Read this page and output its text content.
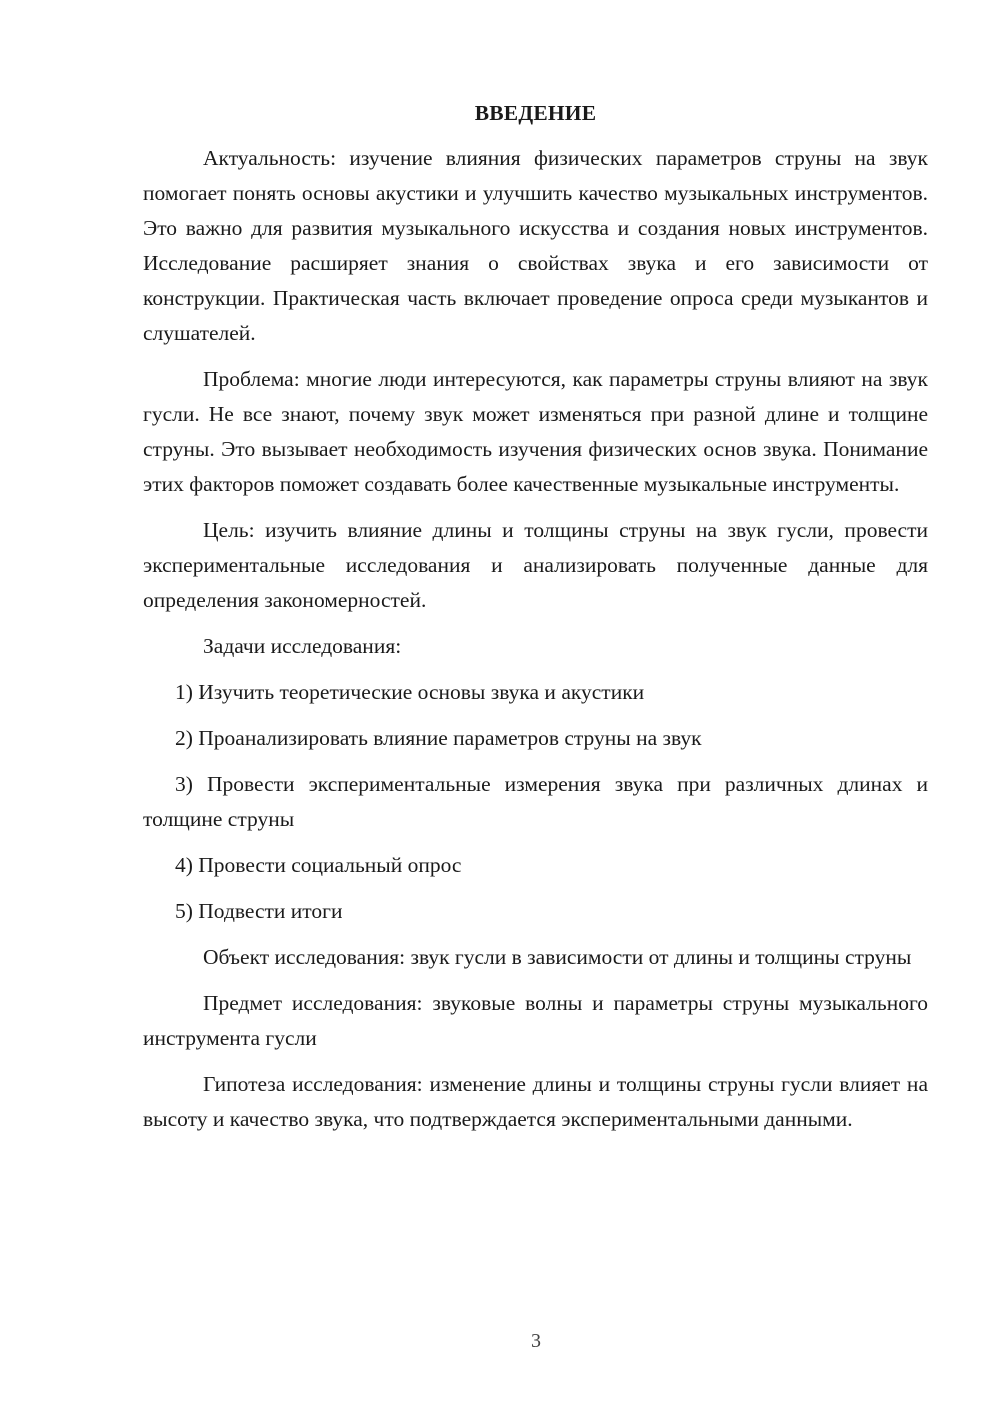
ВВЕДЕНИЕ

Актуальность: изучение влияния физических параметров струны на звук помогает понять основы акустики и улучшить качество музыкальных инструментов. Это важно для развития музыкального искусства и создания новых инструментов. Исследование расширяет знания о свойствах звука и его зависимости от конструкции. Практическая часть включает проведение опроса среди музыкантов и слушателей.

Проблема: многие люди интересуются, как параметры струны влияют на звук гусли. Не все знают, почему звук может изменяться при разной длине и толщине струны. Это вызывает необходимость изучения физических основ звука. Понимание этих факторов поможет создавать более качественные музыкальные инструменты.

Цель: изучить влияние длины и толщины струны на звук гусли, провести экспериментальные исследования и анализировать полученные данные для определения закономерностей.

Задачи исследования:

1) Изучить теоретические основы звука и акустики

2) Проанализировать влияние параметров струны на звук

3) Провести экспериментальные измерения звука при различных длинах и толщине струны

4) Провести социальный опрос

5) Подвести итоги

Объект исследования: звук гусли в зависимости от длины и толщины струны

Предмет исследования: звуковые волны и параметры струны музыкального инструмента гусли

Гипотеза исследования: изменение длины и толщины струны гусли влияет на высоту и качество звука, что подтверждается экспериментальными данными.

3
